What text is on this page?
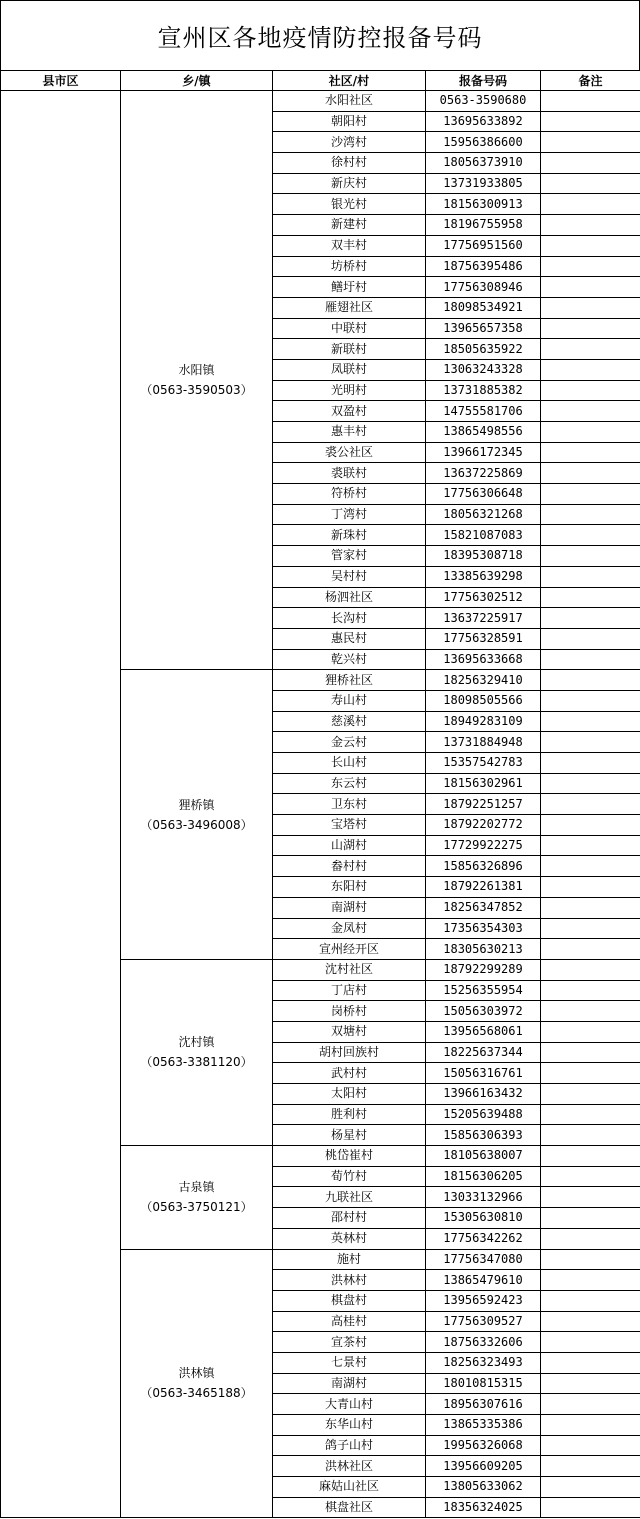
宣州区各地疫情防控报备号码
县市区	乡/镇	社区/村	报备号码	备注

	水阳镇
（0563-3590503）	水阳社区	0563-3590680	
		朝阳村	13695633892	
		沙湾村	15956386600	
		徐村村	18056373910	
		新庆村	13731933805	
		银光村	18156300913	
		新建村	18196755958	
		双丰村	17756951560	
		坊桥村	18756395486	
		鳝圩村	17756308946	
		雁翅社区	18098534921	
		中联村	13965657358	
		新联村	18505635922	
		凤联村	13063243328	
		光明村	13731885382	
		双盈村	14755581706	
		惠丰村	13865498556	
		裘公社区	13966172345	
		裘联村	13637225869	
		符桥村	17756306648	
		丁湾村	18056321268	
		新珠村	15821087083	
		管家村	18395308718	
		吴村村	13385639298	
		杨泗社区	17756302512	
		长沟村	13637225917	
		惠民村	17756328591	
		乾兴村	13695633668	

	狸桥镇
（0563-3496008）	狸桥社区	18256329410	
		寿山村	18098505566	
		慈溪村	18949283109	
		金云村	13731884948	
		长山村	15357542783	
		东云村	18156302961	
		卫东村	18792251257	
		宝塔村	18792202772	
		山湖村	17729922275	
		畚村村	15856326896	
		东阳村	18792261381	
		南湖村	18256347852	
		金凤村	17356354303	
		宣州经开区	18305630213	

	沈村镇
（0563-3381120）	沈村社区	18792299289	
		丁店村	15256355954	
		岗桥村	15056303972	
		双塘村	13956568061	
		胡村回族村	18225637344	
		武村村	15056316761	
		太阳村	13966163432	
		胜利村	15205639488	
		杨星村	15856306393	

	古泉镇
（0563-3750121）	桃岱崔村	18105638007	
		荀竹村	18156306205	
		九联社区	13033132966	
		邵村村	15305630810	
		英林村	17756342262	

	洪林镇
（0563-3465188）	施村	17756347080	
		洪林村	13865479610	
		棋盘村	13956592423	
		高桂村	17756309527	
		宣茶村	18756332606	
		七景村	18256323493	
		南湖村	18010815315	
		大青山村	18956307616	
		东华山村	13865335386	
		鸽子山村	19956326068	
		洪林社区	13956609205	
		麻姑山社区	13805633062	
		棋盘社区	18356324025	
